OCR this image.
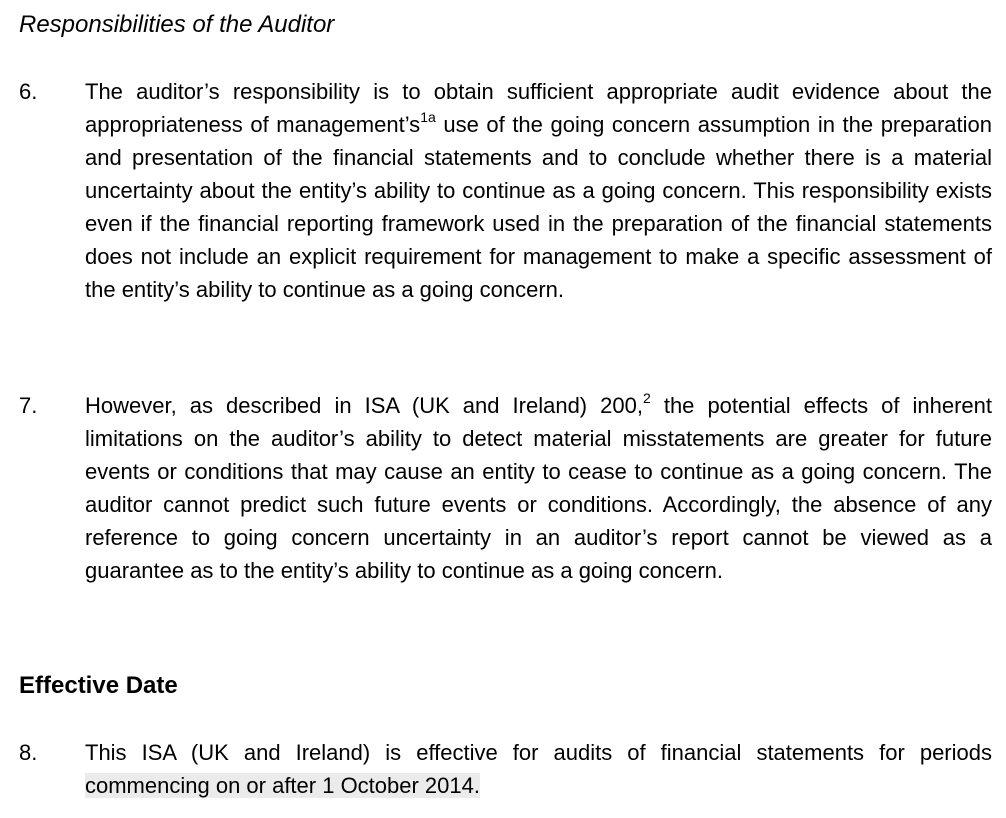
Responsibilities of the Auditor
6. The auditor’s responsibility is to obtain sufficient appropriate audit evidence about the appropriateness of $management’s^{1a}$ use of the going concern assumption in the preparation and presentation of the financial statements and to conclude whether there is a material uncertainty about the entity’s ability to continue as a going concern. This responsibility exists even if the financial reporting framework used in the preparation of the financial statements does not include an explicit requirement for management to make a specific assessment of the entity’s ability to continue as a going concern.

7. However, as described in ISA (UK and Ireland) 200,$^2$ the potential effects of inherent limitations on the auditor’s ability to detect material misstatements are greater for future events or conditions that may cause an entity to cease to continue as a going concern. The auditor cannot predict such future events or conditions. Accordingly, the absence of any reference to going concern uncertainty in an auditor’s report cannot be viewed as a guarantee as to the entity’s ability to continue as a going concern.

Effective Date
8. This ISA (UK and Ireland) is effective for audits of financial statements for periods commencing on or after 1 October 2014.
